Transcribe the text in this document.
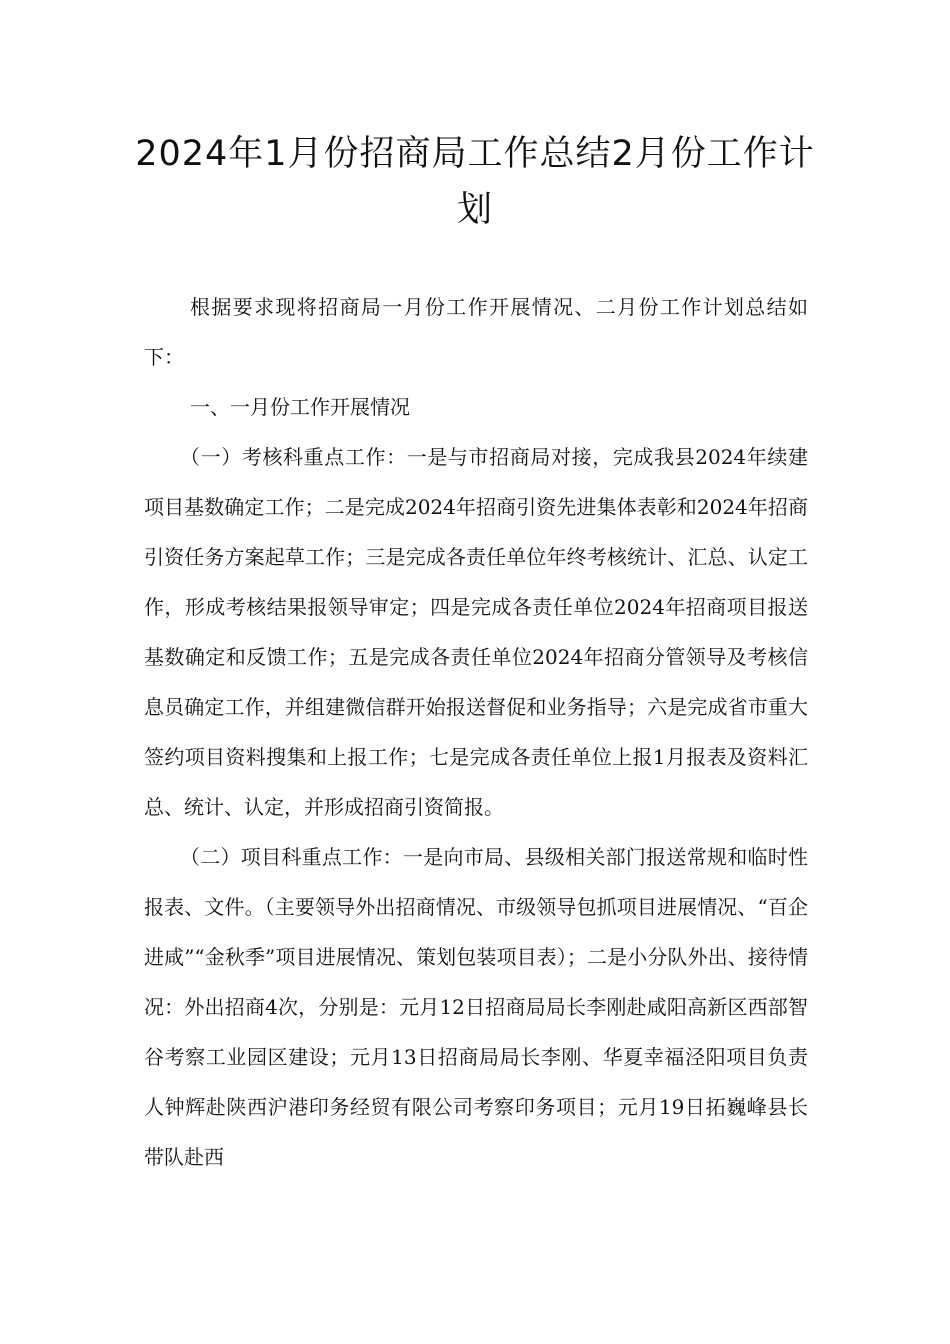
2024年1月份招商局工作总结2月份工作计划

根据要求现将招商局一月份工作开展情况、二月份工作计划总结如下：

一、一月份工作开展情况

（一）考核科重点工作：一是与市招商局对接，完成我县2024年续建项目基数确定工作；二是完成2024年招商引资先进集体表彰和2024年招商引资任务方案起草工作；三是完成各责任单位年终考核统计、汇总、认定工作，形成考核结果报领导审定；四是完成各责任单位2024年招商项目报送基数确定和反馈工作；五是完成各责任单位2024年招商分管领导及考核信息员确定工作，并组建微信群开始报送督促和业务指导；六是完成省市重大签约项目资料搜集和上报工作；七是完成各责任单位上报1月报表及资料汇总、统计、认定，并形成招商引资简报。

（二）项目科重点工作：一是向市局、县级相关部门报送常规和临时性报表、文件。（主要领导外出招商情况、市级领导包抓项目进展情况、“百企进咸”“金秋季”项目进展情况、策划包装项目表）；二是小分队外出、接待情况：外出招商4次，分别是：元月12日招商局局长李刚赴咸阳高新区西部智谷考察工业园区建设；元月13日招商局局长李刚、华夏幸福泾阳项目负责人钟辉赴陕西沪港印务经贸有限公司考察印务项目；元月19日拓巍峰县长带队赴西
